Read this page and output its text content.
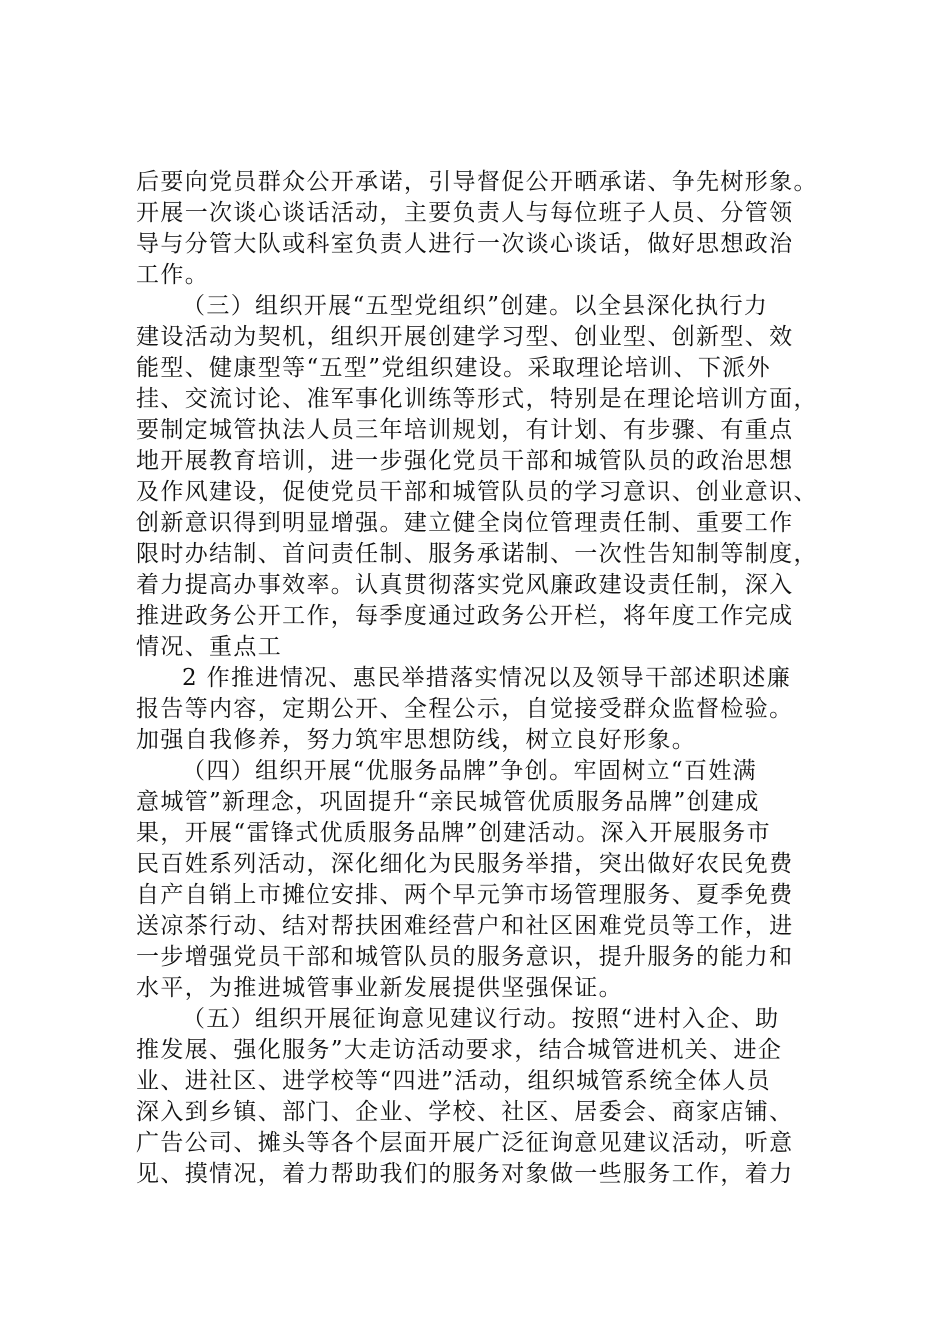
后要向党员群众公开承诺，引导督促公开晒承诺、争先树形象。
开展一次谈心谈话活动，主要负责人与每位班子人员、分管领
导与分管大队或科室负责人进行一次谈心谈话，做好思想政治
工作。
（三）组织开展“五型党组织”创建。以全县深化执行力
建设活动为契机，组织开展创建学习型、创业型、创新型、效
能型、健康型等“五型”党组织建设。采取理论培训、下派外
挂、交流讨论、准军事化训练等形式，特别是在理论培训方面，
要制定城管执法人员三年培训规划，有计划、有步骤、有重点
地开展教育培训，进一步强化党员干部和城管队员的政治思想
及作风建设，促使党员干部和城管队员的学习意识、创业意识、
创新意识得到明显增强。建立健全岗位管理责任制、重要工作
限时办结制、首问责任制、服务承诺制、一次性告知制等制度，
着力提高办事效率。认真贯彻落实党风廉政建设责任制，深入
推进政务公开工作，每季度通过政务公开栏，将年度工作完成
情况、重点工
2 作推进情况、惠民举措落实情况以及领导干部述职述廉
报告等内容，定期公开、全程公示，自觉接受群众监督检验。
加强自我修养，努力筑牢思想防线，树立良好形象。
（四）组织开展“优服务品牌”争创。牢固树立“百姓满
意城管”新理念，巩固提升“亲民城管优质服务品牌”创建成
果，开展“雷锋式优质服务品牌”创建活动。深入开展服务市
民百姓系列活动，深化细化为民服务举措，突出做好农民免费
自产自销上市摊位安排、两个早元笋市场管理服务、夏季免费
送凉茶行动、结对帮扶困难经营户和社区困难党员等工作，进
一步增强党员干部和城管队员的服务意识，提升服务的能力和
水平，为推进城管事业新发展提供坚强保证。
（五）组织开展征询意见建议行动。按照“进村入企、助
推发展、强化服务”大走访活动要求，结合城管进机关、进企
业、进社区、进学校等“四进”活动，组织城管系统全体人员
深入到乡镇、部门、企业、学校、社区、居委会、商家店铺、
广告公司、摊头等各个层面开展广泛征询意见建议活动，听意
见、摸情况，着力帮助我们的服务对象做一些服务工作，着力
